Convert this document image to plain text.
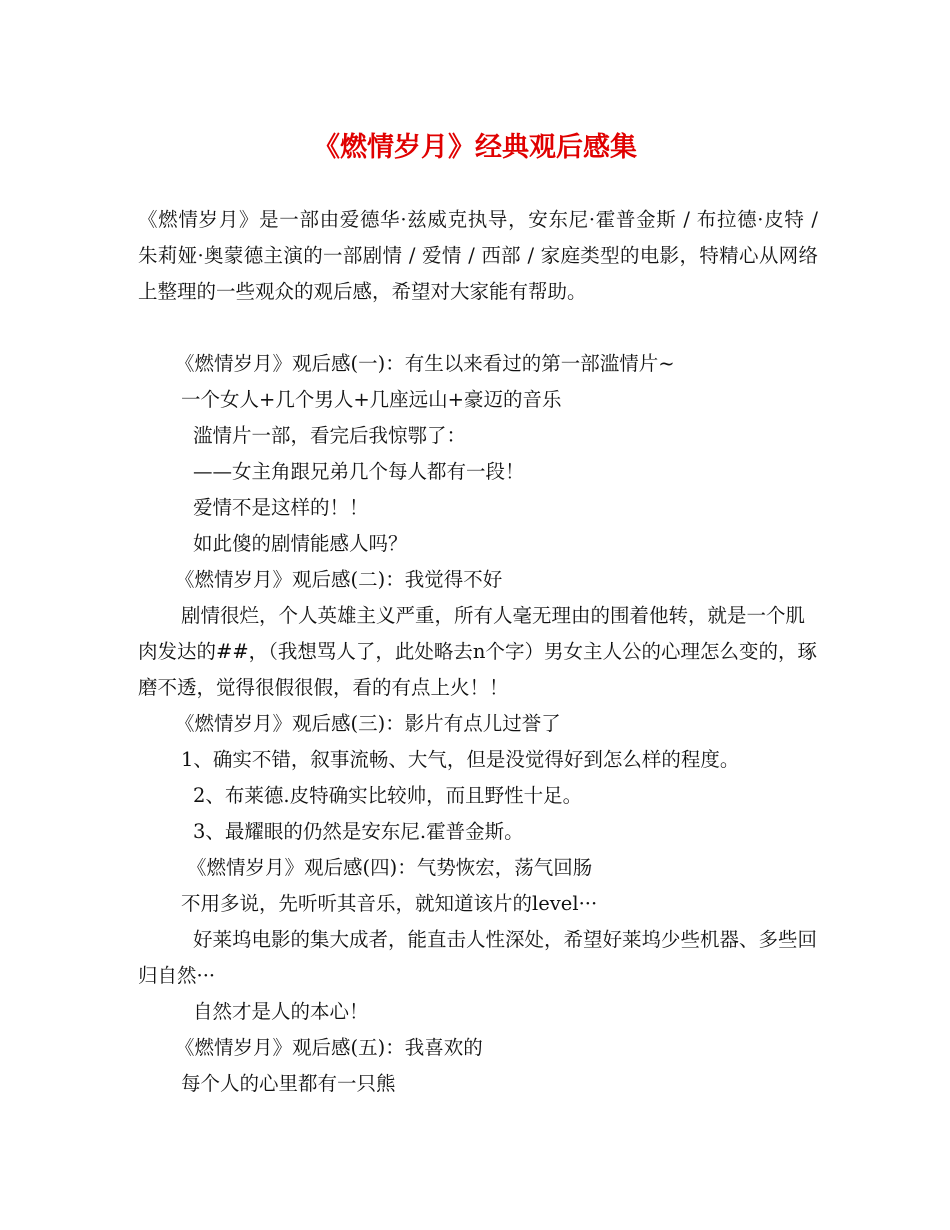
《燃情岁月》经典观后感集

《燃情岁月》是一部由爱德华·兹威克执导，安东尼·霍普金斯 / 布拉德·皮特 / 朱莉娅·奥蒙德主演的一部剧情 / 爱情 / 西部 / 家庭类型的电影，特精心从网络上整理的一些观众的观后感，希望对大家能有帮助。

《燃情岁月》观后感(一)：有生以来看过的第一部滥情片~

一个女人+几个男人+几座远山+豪迈的音乐

滥情片一部，看完后我惊鄂了：

——女主角跟兄弟几个每人都有一段！

爱情不是这样的！！

如此傻的剧情能感人吗？

《燃情岁月》观后感(二)：我觉得不好

剧情很烂，个人英雄主义严重，所有人毫无理由的围着他转，就是一个肌肉发达的##，（我想骂人了，此处略去n个字）男女主人公的心理怎么变的，琢磨不透，觉得很假很假，看的有点上火！！

《燃情岁月》观后感(三)：影片有点儿过誉了

1、确实不错，叙事流畅、大气，但是没觉得好到怎么样的程度。

2、布莱德.皮特确实比较帅，而且野性十足。

3、最耀眼的仍然是安东尼.霍普金斯。

《燃情岁月》观后感(四)：气势恢宏，荡气回肠

不用多说，先听听其音乐，就知道该片的level···

好莱坞电影的集大成者，能直击人性深处，希望好莱坞少些机器、多些回归自然···

自然才是人的本心！

《燃情岁月》观后感(五)：我喜欢的

每个人的心里都有一只熊
